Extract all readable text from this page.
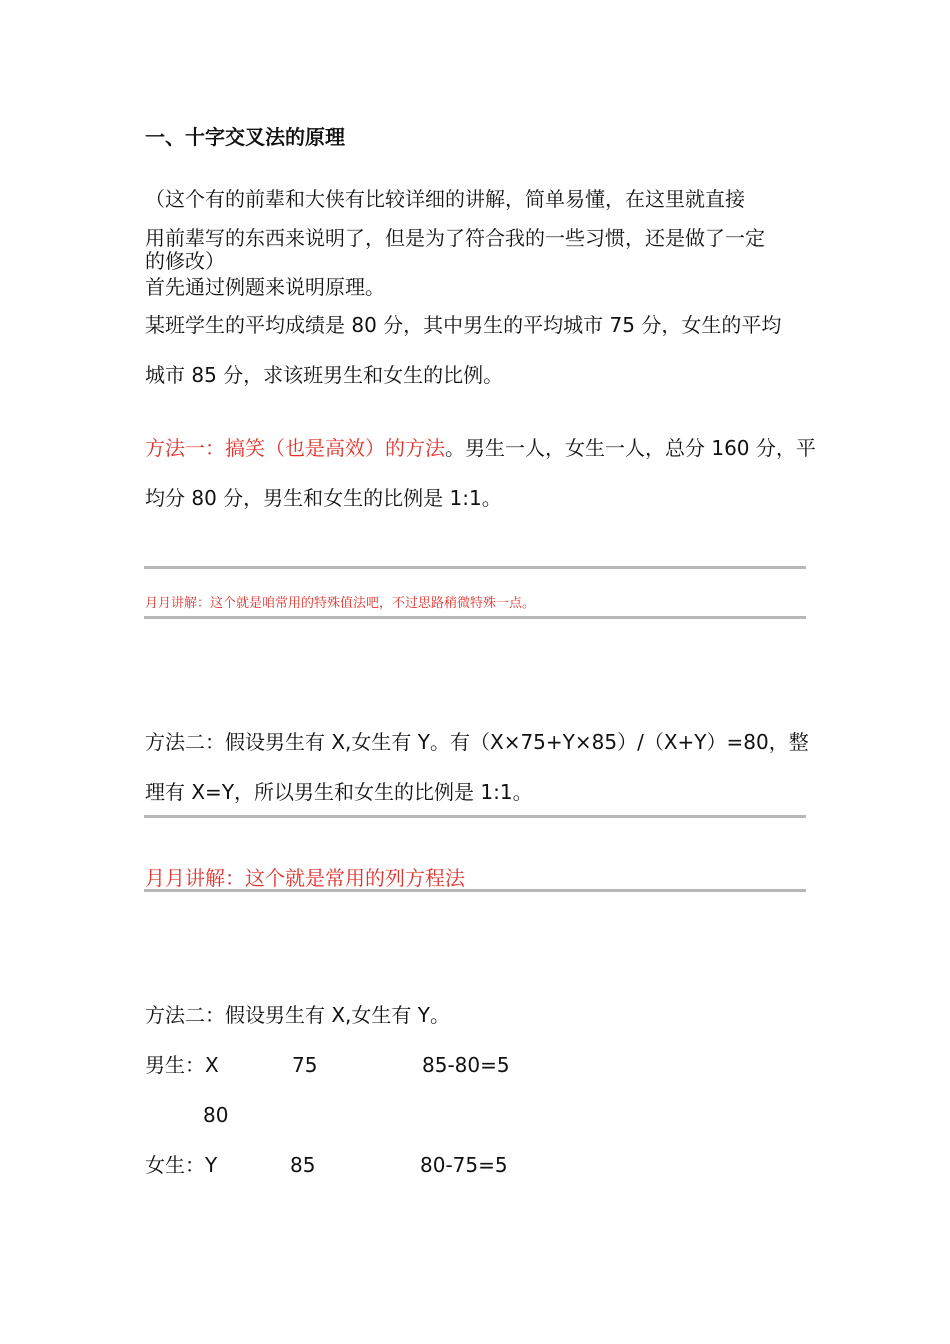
一、十字交叉法的原理
（这个有的前辈和大侠有比较详细的讲解，简单易懂，在这里就直接
用前辈写的东西来说明了，但是为了符合我的一些习惯，还是做了一定
的修改）
首先通过例题来说明原理。
某班学生的平均成绩是 80 分，其中男生的平均城市 75 分，女生的平均
城市 85 分，求该班男生和女生的比例。
方法一：搞笑（也是高效）的方法。男生一人，女生一人，总分 160 分，平
均分 80 分，男生和女生的比例是 1:1。
月月讲解：这个就是咱常用的特殊值法吧，不过思路稍微特殊一点。
方法二：假设男生有 X,女生有 Y。有（X×75+Y×85）/（X+Y）=80，整
理有 X=Y，所以男生和女生的比例是 1:1。
月月讲解：这个就是常用的列方程法
方法二：假设男生有 X,女生有 Y。
男生：X	75	85-80=5
80
女生：Y	85	80-75=5
